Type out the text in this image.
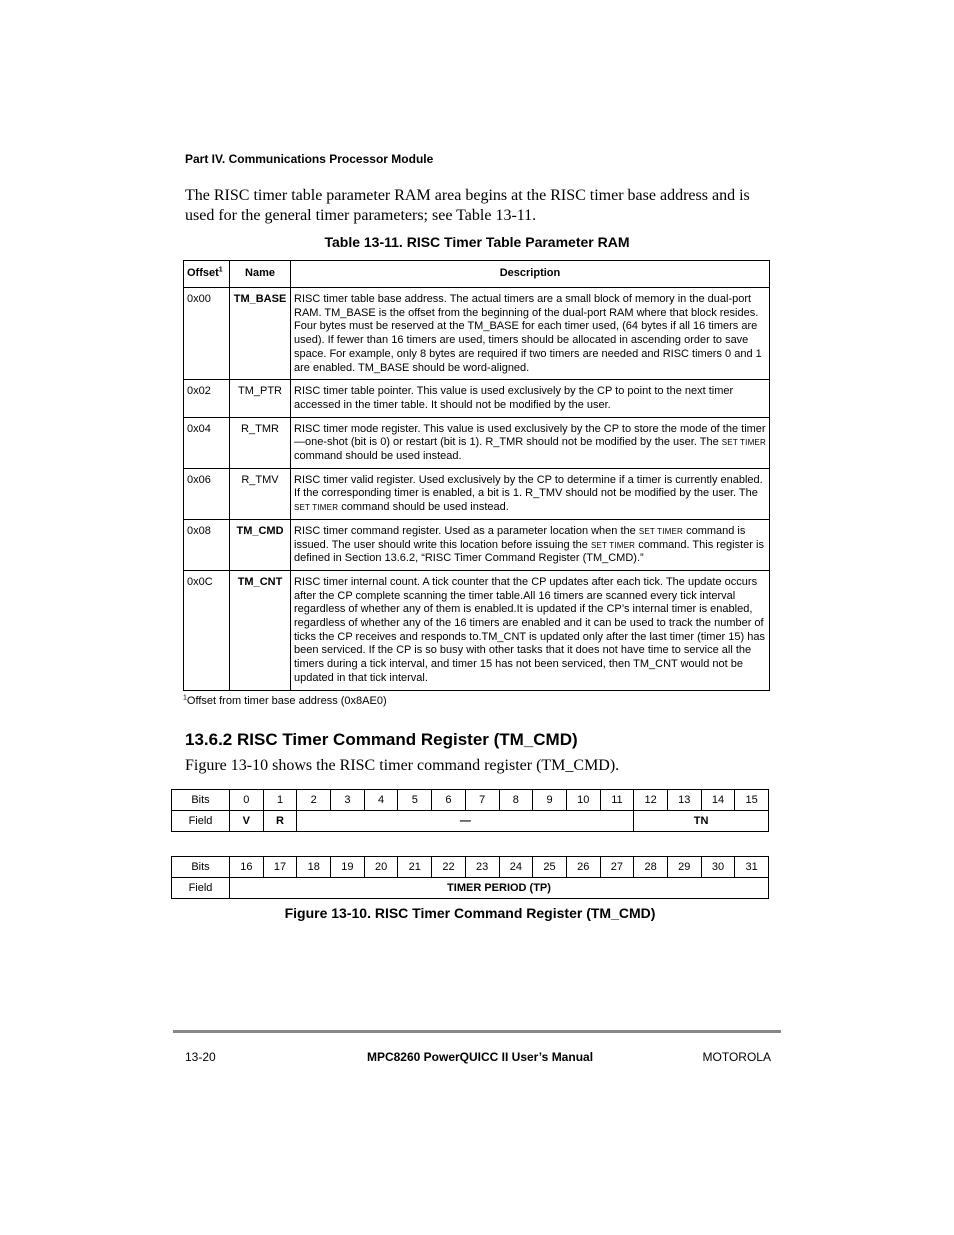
Part IV. Communications Processor Module
The RISC timer table parameter RAM area begins at the RISC timer base address and is used for the general timer parameters; see Table 13-11.
Table 13-11. RISC Timer Table Parameter RAM
Offset$^1$	Name	Description
0x00	TM_BASE	RISC timer table base address. The actual timers are a small block of memory in the dual-port RAM. TM_BASE is the offset from the beginning of the dual-port RAM where that block resides. Four bytes must be reserved at the TM_BASE for each timer used, (64 bytes if all 16 timers are used). If fewer than 16 timers are used, timers should be allocated in ascending order to save space. For example, only 8 bytes are required if two timers are needed and RISC timers 0 and 1 are enabled. TM_BASE should be word-aligned.
0x02	TM_PTR	RISC timer table pointer. This value is used exclusively by the CP to point to the next timer accessed in the timer table. It should not be modified by the user.
0x04	R_TMR	RISC timer mode register. This value is used exclusively by the CP to store the mode of the timer—one-shot (bit is 0) or restart (bit is 1). R_TMR should not be modified by the user. The SET TIMER command should be used instead.
0x06	R_TMV	RISC timer valid register. Used exclusively by the CP to determine if a timer is currently enabled. If the corresponding timer is enabled, a bit is 1. R_TMV should not be modified by the user. The SET TIMER command should be used instead.
0x08	TM_CMD	RISC timer command register. Used as a parameter location when the SET TIMER command is issued. The user should write this location before issuing the SET TIMER command. This register is defined in Section 13.6.2, “RISC Timer Command Register (TM_CMD).”
0x0C	TM_CNT	RISC timer internal count. A tick counter that the CP updates after each tick. The update occurs after the CP complete scanning the timer table.All 16 timers are scanned every tick interval regardless of whether any of them is enabled.It is updated if the CP’s internal timer is enabled, regardless of whether any of the 16 timers are enabled and it can be used to track the number of ticks the CP receives and responds to.TM_CNT is updated only after the last timer (timer 15) has been serviced. If the CP is so busy with other tasks that it does not have time to service all the timers during a tick interval, and timer 15 has not been serviced, then TM_CNT would not be updated in that tick interval.
$^1$Offset from timer base address (0x8AE0)
13.6.2 RISC Timer Command Register (TM_CMD)
Figure 13-10 shows the RISC timer command register (TM_CMD).
Bits	0	1	2	3	4	5	6	7	8	9	10	11	12	13	14	15
Field	V	R	—										TN			
Bits	16	17	18	19	20	21	22	23	24	25	26	27	28	29	30	31
Field	TIMER PERIOD (TP)															
Figure 13-10. RISC Timer Command Register (TM_CMD)
13-20	MPC8260 PowerQUICC II User’s Manual	MOTOROLA
